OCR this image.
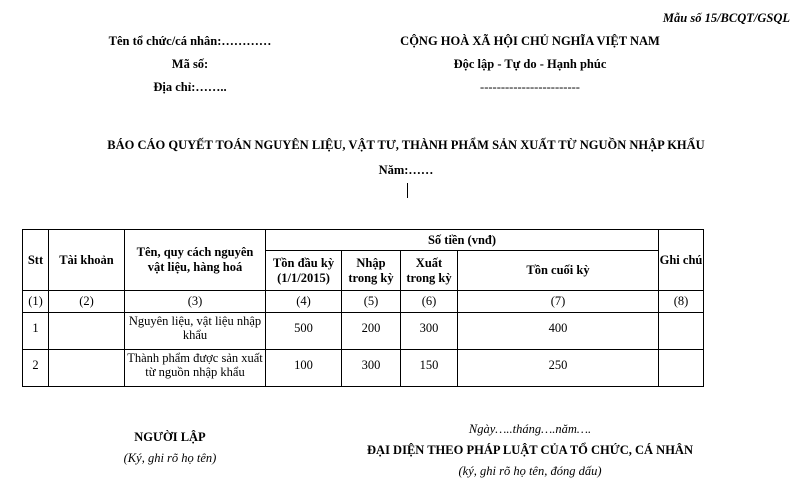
Mẫu số 15/BCQT/GSQL
Tên tổ chức/cá nhân:…………
Mã số:
Địa chỉ:……..
CỘNG HOÀ XÃ HỘI CHỦ NGHĨA VIỆT NAM
Độc lập - Tự do - Hạnh phúc
------------------------
BÁO CÁO QUYẾT TOÁN NGUYÊN LIỆU, VẬT TƯ, THÀNH PHẨM SẢN XUẤT TỪ NGUỒN NHẬP KHẨU
Năm:……
Stt	Tài khoản	Tên, quy cách nguyên vật liệu, hàng hoá	Số tiền (vnđ)				Ghi chú
			Tồn đầu kỳ (1/1/2015)	Nhập trong kỳ	Xuất trong kỳ	Tồn cuối kỳ	
(1)	(2)	(3)	(4)	(5)	(6)	(7)	(8)
1		Nguyên liệu, vật liệu nhập khẩu	500	200	300	400	
2		Thành phẩm được sản xuất từ nguồn nhập khẩu	100	300	150	250	
NGƯỜI LẬP
(Ký, ghi rõ họ tên)
Ngày…..tháng….năm….
ĐẠI DIỆN THEO PHÁP LUẬT CỦA TỔ CHỨC, CÁ NHÂN
(ký, ghi rõ họ tên, đóng dấu)
